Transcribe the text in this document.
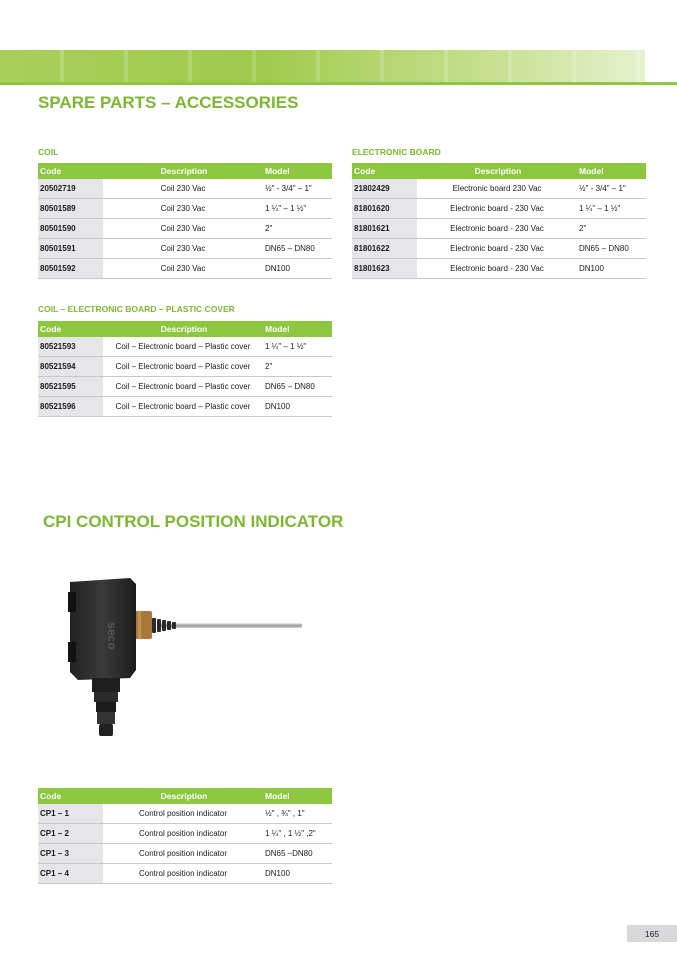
SPARE PARTS – ACCESSORIES
COIL
Code	Description	Model
20502719	Coil 230 Vac	½" - 3/4" – 1"
80501589	Coil 230 Vac	1 ¼" – 1 ½"
80501590	Coil 230 Vac	2"
80501591	Coil 230 Vac	DN65 – DN80
80501592	Coil 230 Vac	DN100
ELECTRONIC BOARD
Code	Description	Model
21802429	Electronic board 230 Vac	½" - 3/4" – 1"
81801620	Electronic board - 230 Vac	1 ¼" – 1 ½"
81801621	Electronic board - 230 Vac	2"
81801622	Electronic board - 230 Vac	DN65 – DN80
81801623	Electronic board - 230 Vac	DN100
COIL – ELECTRONIC BOARD – PLASTIC COVER
Code	Description	Model
80521593	Coil – Electronic board – Plastic cover	1 ¼" – 1 ½"
80521594	Coil – Electronic board – Plastic cover	2"
80521595	Coil – Electronic board – Plastic cover	DN65 – DN80
80521596	Coil – Electronic board – Plastic cover	DN100
CPI CONTROL POSITION INDICATOR
seco
Code	Description	Model
CP1 – 1	Control position indicator	½" , ¾" , 1"
CP1 – 2	Control position indicator	1 ¼" , 1 ½" ,2"
CP1 – 3	Control position indicator	DN65 –DN80
CP1 – 4	Control position indicator	DN100
165
